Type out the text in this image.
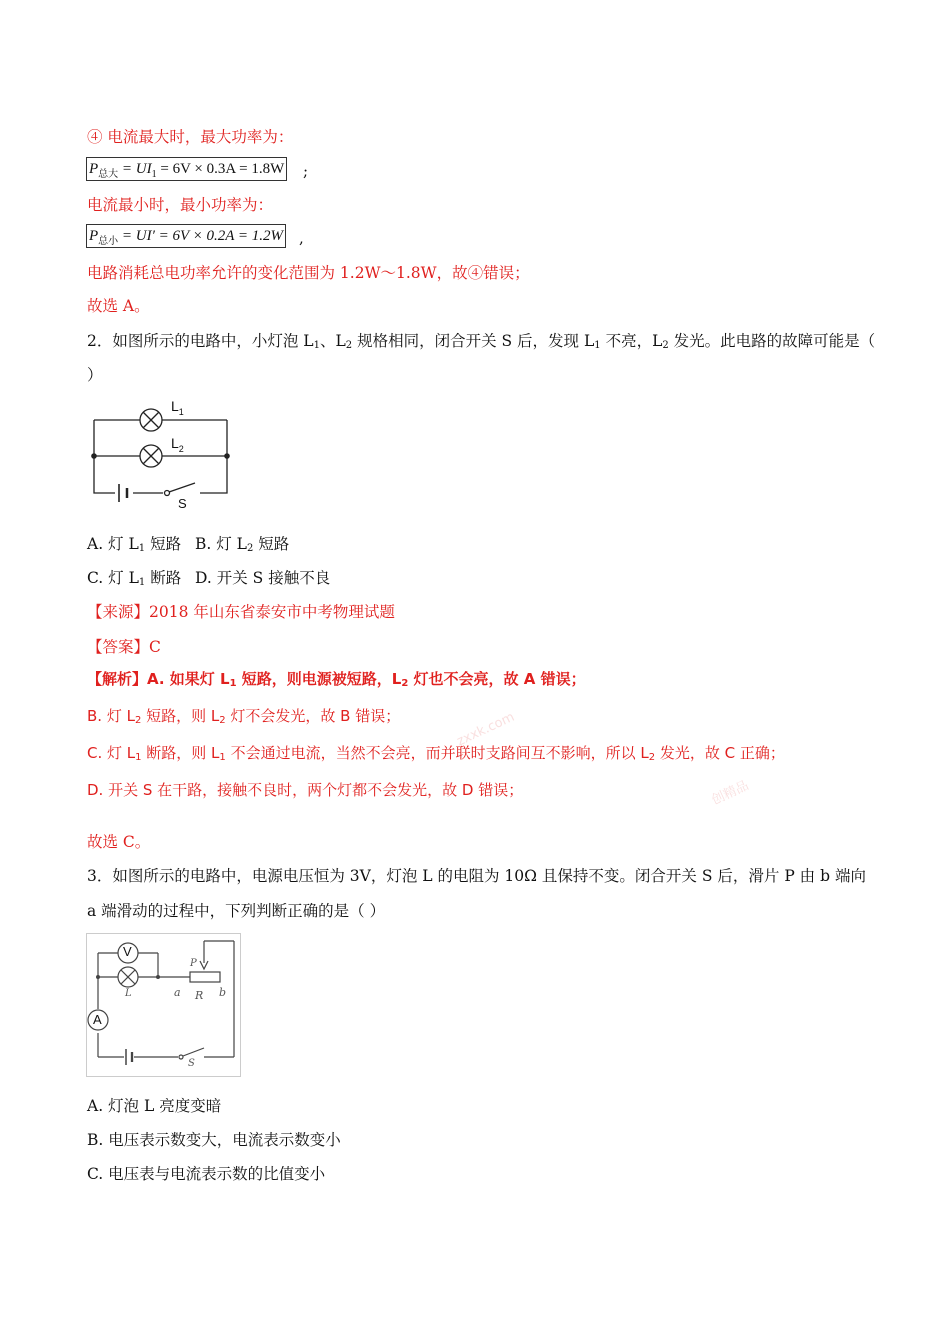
④ 电流最大时，最大功率为：
$P_{总大} = UI_1 = 6V \times 0.3A = 1.8W$ ;
电流最小时，最小功率为：
$P_{总小} = UI' = 6V \times 0.2A = 1.2W$ ,
电路消耗总电功率允许的变化范围为 1.2W～1.8W，故④错误；
故选 A。
2．如图所示的电路中，小灯泡 $L_1$、$L_2$ 规格相同，闭合开关 S 后，发现 $L_1$ 不亮，$L_2$ 发光。此电路的故障可能是（
）
$L_1$
$L_2$
S
A. 灯 $L_1$ 短路 B. 灯 $L_2$ 短路
C. 灯 $L_1$ 断路 D. 开关 S 接触不良
【来源】2018 年山东省泰安市中考物理试题
【答案】C
【解析】A. 如果灯 $L_1$ 短路，则电源被短路，$L_2$ 灯也不会亮，故 A 错误；
B. 灯 $L_2$ 短路，则 $L_2$ 灯不会发光，故 B 错误；
C. 灯 $L_1$ 断路，则 $L_1$ 不会通过电流，当然不会亮，而并联时支路间互不影响，所以 $L_2$ 发光，故 C 正确；
D. 开关 S 在干路，接触不良时，两个灯都不会发光，故 D 错误；
zxxk.com
创精品
故选 C。
3．如图所示的电路中，电源电压恒为 3V，灯泡 L 的电阻为 10Ω 且保持不变。闭合开关 S 后，滑片 P 由 b 端向
a 端滑动的过程中，下列判断正确的是（ ）
V
A
L
P
a R b
S
A. 灯泡 L 亮度变暗
B. 电压表示数变大，电流表示数变小
C. 电压表与电流表示数的比值变小
